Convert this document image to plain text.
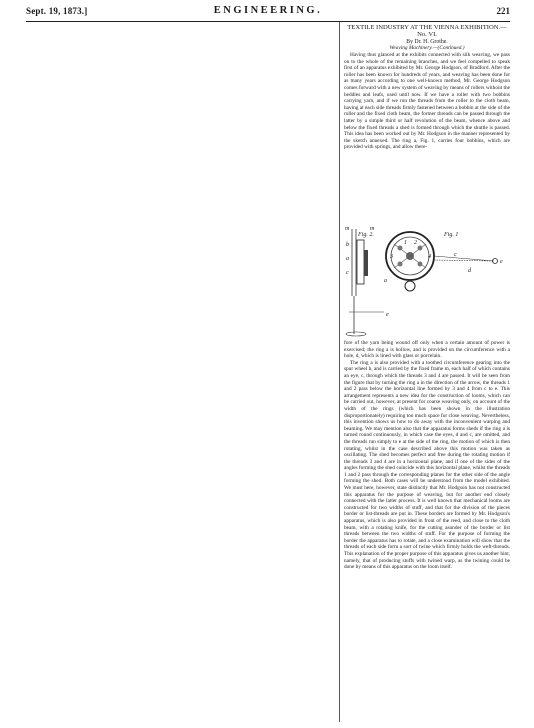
Sept. 19, 1873.]	ENGINEERING.	221

TEXTILE INDUSTRY AT THE VIENNA EXHIBITION.—No. VI.

By Dr. H. Grothe.

Weaving Machinery.—(Continued.)

Having thus glanced at the exhibits connected with silk weaving, we pass on to the whole of the remaining branches, and we feel compelled to speak first of an apparatus exhibited by Mr. George Hodgson, of Bradford. After the roller has been known for hundreds of years, and weaving has been done for as many years according to one well-known method, Mr. George Hodgson comes forward with a new system of weaving by means of rollers without the heddles and leafs, used until now. If we have a roller with two bobbins carrying yarn, and if we run the threads from the roller to the cloth beam, having at each side threads firmly fastened between a bobbin at the side of the roller and the fixed cloth beam, the former threads can be passed through the latter by a simple third or half revolution of the beam, whence above and below the fixed threads a shed is formed through which the shuttle is passed. This idea has been worked out by Mr. Hodgson in the manner represented by the sketch annexed. The ring a, Fig. 1, carries four bobbins, which are provided with springs, and allow there-

Fig. 2.
m
m
b
a
c
e
Fig. 1
1 2
3	4
e
d
c
a

fore of the yarn being wound off only when a certain amount of power is exercised; the ring a is hollow, and is provided on the circumference with a hole, d, which is lined with glass or porcelain.

The ring a is also provided with a toothed circumference gearing into the spur wheel b, and is carried by the fixed frame m, each half of which contains an eye, c, through which the threads 3 and 4 are passed. It will be seen from the figure that by turning the ring a in the direction of the arrow, the threads 1 and 2 pass below the horizontal line formed by 3 and 4 from c to e. This arrangement represents a new idea for the construction of looms, which can be carried out, however, at present for coarse weaving only, on account of the width of the rings (which has been shown in the illustration disproportionately) requiring too much space for close weaving. Nevertheless, this invention shows us how to do away with the inconvenient warping and beaming. We may mention also that the apparatus forms sheds if the ring a is turned round continuously, in which case the eyes, d and c, are omitted, and the threads run simply to e at the side of the ring, the motion of which is then rotating, whilst in the case described above this motion was taken as oscillating. The shed becomes perfect and free during the rotating motion if the threads 3 and 4 are in a horizontal plane, and if one of the sides of the angles forming the shed coincide with this horizontal plane, whilst the threads 1 and 2 pass through the corresponding planes for the other side of the angle forming the shed. Both cases will be understood from the model exhibited. We must here, however, state distinctly that Mr. Hodgson has not constructed this apparatus for the purpose of weaving, but for another end closely connected with the latter process. It is well known that mechanical looms are constructed for two widths of stuff, and that for the division of the pieces border or list-threads are put in. These borders are formed by Mr. Hodgson's apparatus, which is also provided in front of the reed, and close to the cloth beam, with a rotating knife, for the cutting asunder of the border or list threads between the two widths of stuff. For the purpose of forming the border the apparatus has to rotate, and a close examination will show that the threads of each side form a sort of twine which firmly holds the weft-threads. This explanation of the proper purpose of this apparatus gives us another hint, namely, that of producing stuffs with twined warp, as the twining could be done by means of this apparatus on the loom itself.
